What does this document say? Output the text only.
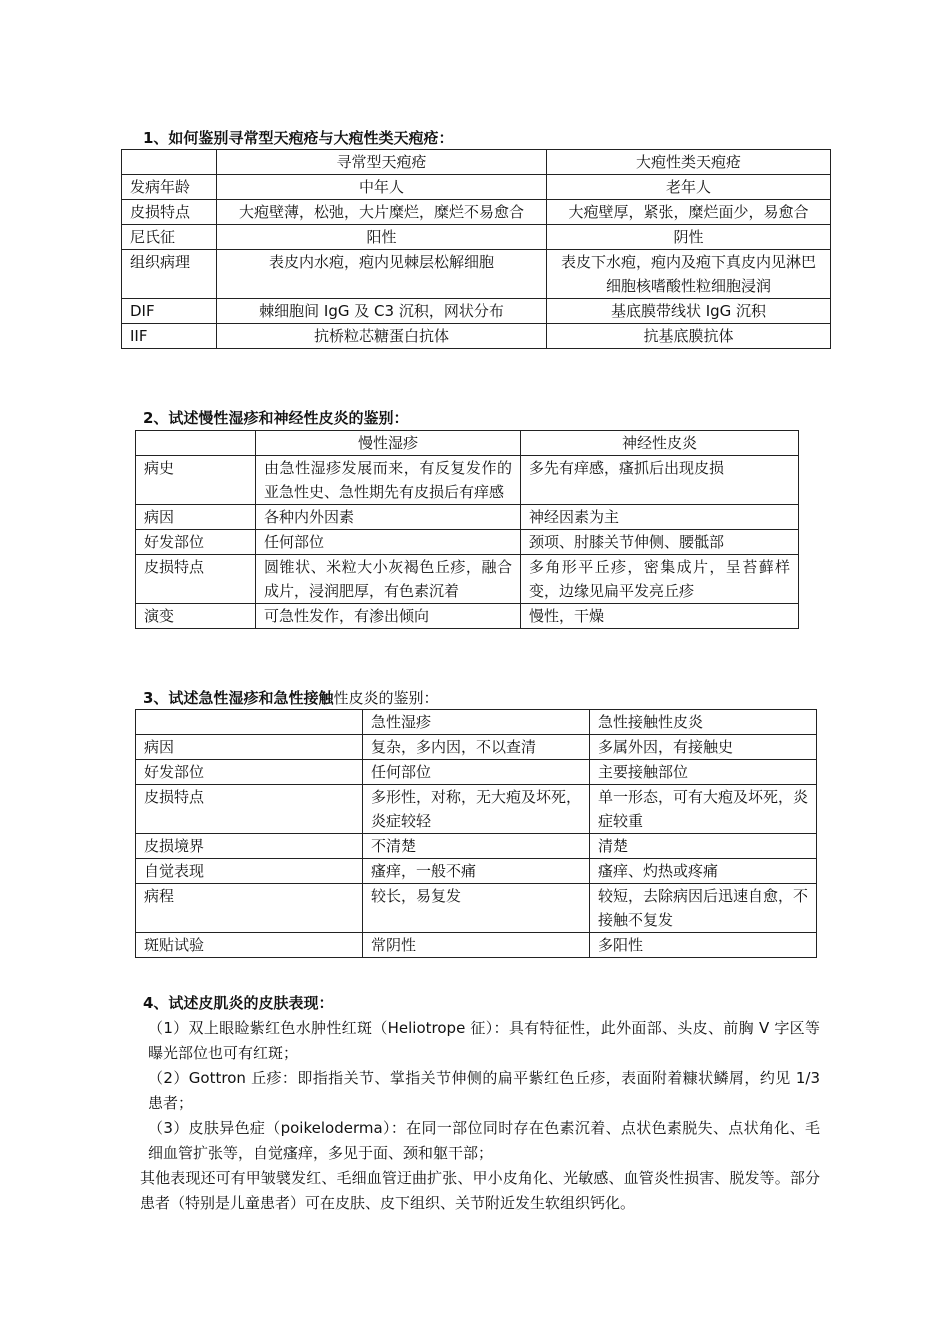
1、如何鉴别寻常型天疱疮与大疱性类天疱疮：
	寻常型天疱疮	大疱性类天疱疮
发病年龄	中年人	老年人
皮损特点	大疱壁薄，松弛，大片糜烂，糜烂不易愈合	大疱壁厚，紧张，糜烂面少，易愈合
尼氏征	阳性	阴性
组织病理	表皮内水疱，疱内见棘层松解细胞	表皮下水疱，疱内及疱下真皮内见淋巴细胞核嗜酸性粒细胞浸润
DIF	棘细胞间 IgG 及 C3 沉积，网状分布	基底膜带线状 IgG 沉积
IIF	抗桥粒芯糖蛋白抗体	抗基底膜抗体
2、试述慢性湿疹和神经性皮炎的鉴别：
	慢性湿疹	神经性皮炎
病史	由急性湿疹发展而来，有反复发作的亚急性史、急性期先有皮损后有痒感	多先有痒感，瘙抓后出现皮损
病因	各种内外因素	神经因素为主
好发部位	任何部位	颈项、肘膝关节伸侧、腰骶部
皮损特点	圆锥状、米粒大小灰褐色丘疹，融合成片，浸润肥厚，有色素沉着	多角形平丘疹，密集成片，呈苔藓样变，边缘见扁平发亮丘疹
演变	可急性发作，有渗出倾向	慢性，干燥
3、试述急性湿疹和急性接触性皮炎的鉴别：
	急性湿疹	急性接触性皮炎
病因	复杂，多内因，不以查清	多属外因，有接触史
好发部位	任何部位	主要接触部位
皮损特点	多形性，对称，无大疱及坏死，炎症较轻	单一形态，可有大疱及坏死，炎症较重
皮损境界	不清楚	清楚
自觉表现	瘙痒，一般不痛	瘙痒、灼热或疼痛
病程	较长，易复发	较短，去除病因后迅速自愈，不接触不复发
斑贴试验	常阴性	多阳性
4、试述皮肌炎的皮肤表现：
（1）双上眼睑紫红色水肿性红斑（Heliotrope 征）：具有特征性，此外面部、头皮、前胸 V 字区等曝光部位也可有红斑；
（2）Gottron 丘疹：即指指关节、掌指关节伸侧的扁平紫红色丘疹，表面附着糠状鳞屑，约见 1/3 患者；
（3）皮肤异色症（poikeloderma）：在同一部位同时存在色素沉着、点状色素脱失、点状角化、毛细血管扩张等，自觉瘙痒，多见于面、颈和躯干部；
其他表现还可有甲皱襞发红、毛细血管迂曲扩张、甲小皮角化、光敏感、血管炎性损害、脱发等。部分患者（特别是儿童患者）可在皮肤、皮下组织、关节附近发生软组织钙化。
